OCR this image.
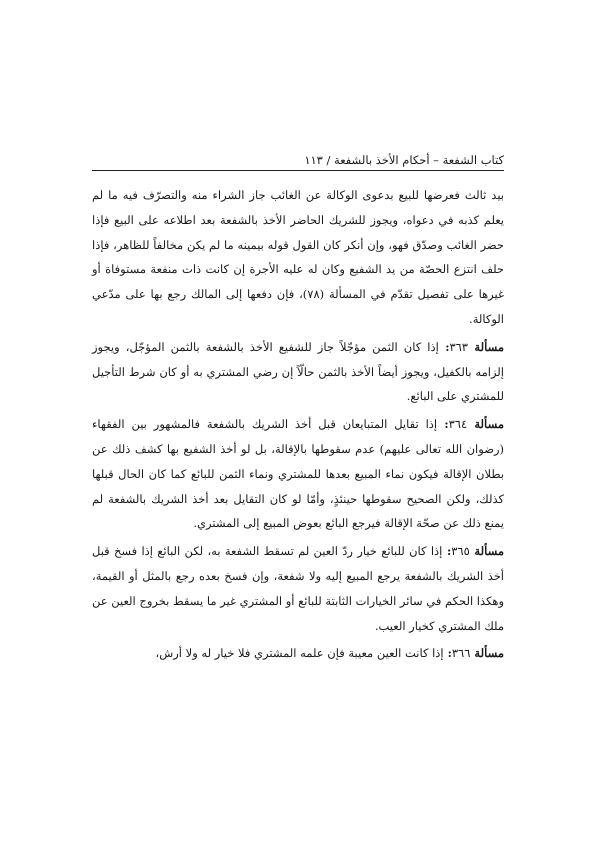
كتاب الشفعة – أحكام الأخذ بالشفعة / ١١٣

بيد ثالث فعرضها للبيع بدعوى الوكالة عن الغائب جاز الشراء منه والتصرّف فيه ما لم يعلم كذبه في دعواه، ويجوز للشريك الحاضر الأخذ بالشفعة بعد اطلاعه على البيع فإذا حضر الغائب وصدّق فهو، وإن أنكر كان القول قوله بيمينه ما لم يكن مخالفاً للظاهر، فإذا حلف انتزع الحصّة من يد الشفيع وكان له عليه الأجرة إن كانت ذات منفعة مستوفاة أو غيرها على تفصيل تقدّم في المسألة (٧٨)، فإن دفعها إلى المالك رجع بها على مدّعي الوكالة.

مسألة ٣٦٣: إذا كان الثمن مؤجّلاً جاز للشفيع الأخذ بالشفعة بالثمن المؤجّل، ويجوز إلزامه بالكفيل، ويجوز أيضاً الأخذ بالثمن حالّاً إن رضي المشتري به أو كان شرط التأجيل للمشتري على البائع.

مسألة ٣٦٤: إذا تقايل المتبايعان قبل أخذ الشريك بالشفعة فالمشهور بين الفقهاء (رضوان الله تعالى عليهم) عدم سقوطها بالإقالة، بل لو أخذ الشفيع بها كشف ذلك عن بطلان الإقالة فيكون نماء المبيع بعدها للمشتري ونماء الثمن للبائع كما كان الحال قبلها كذلك، ولكن الصحيح سقوطها حينئذٍ، وأمّا لو كان التقايل بعد أخذ الشريك بالشفعة لم يمنع ذلك عن صحّة الإقالة فيرجع البائع بعوض المبيع إلى المشتري.

مسألة ٣٦٥: إذا كان للبائع خيار ردّ العين لم تسقط الشفعة به، لكن البائع إذا فسخ قبل أخذ الشريك بالشفعة يرجع المبيع إليه ولا شفعة، وإن فسخ بعده رجع بالمثل أو القيمة، وهكذا الحكم في سائر الخيارات الثابتة للبائع أو المشتري غير ما يسقط بخروج العين عن ملك المشتري كخيار العيب.

مسألة ٣٦٦: إذا كانت العين معيبة فإن علمه المشتري فلا خيار له ولا أرش،
